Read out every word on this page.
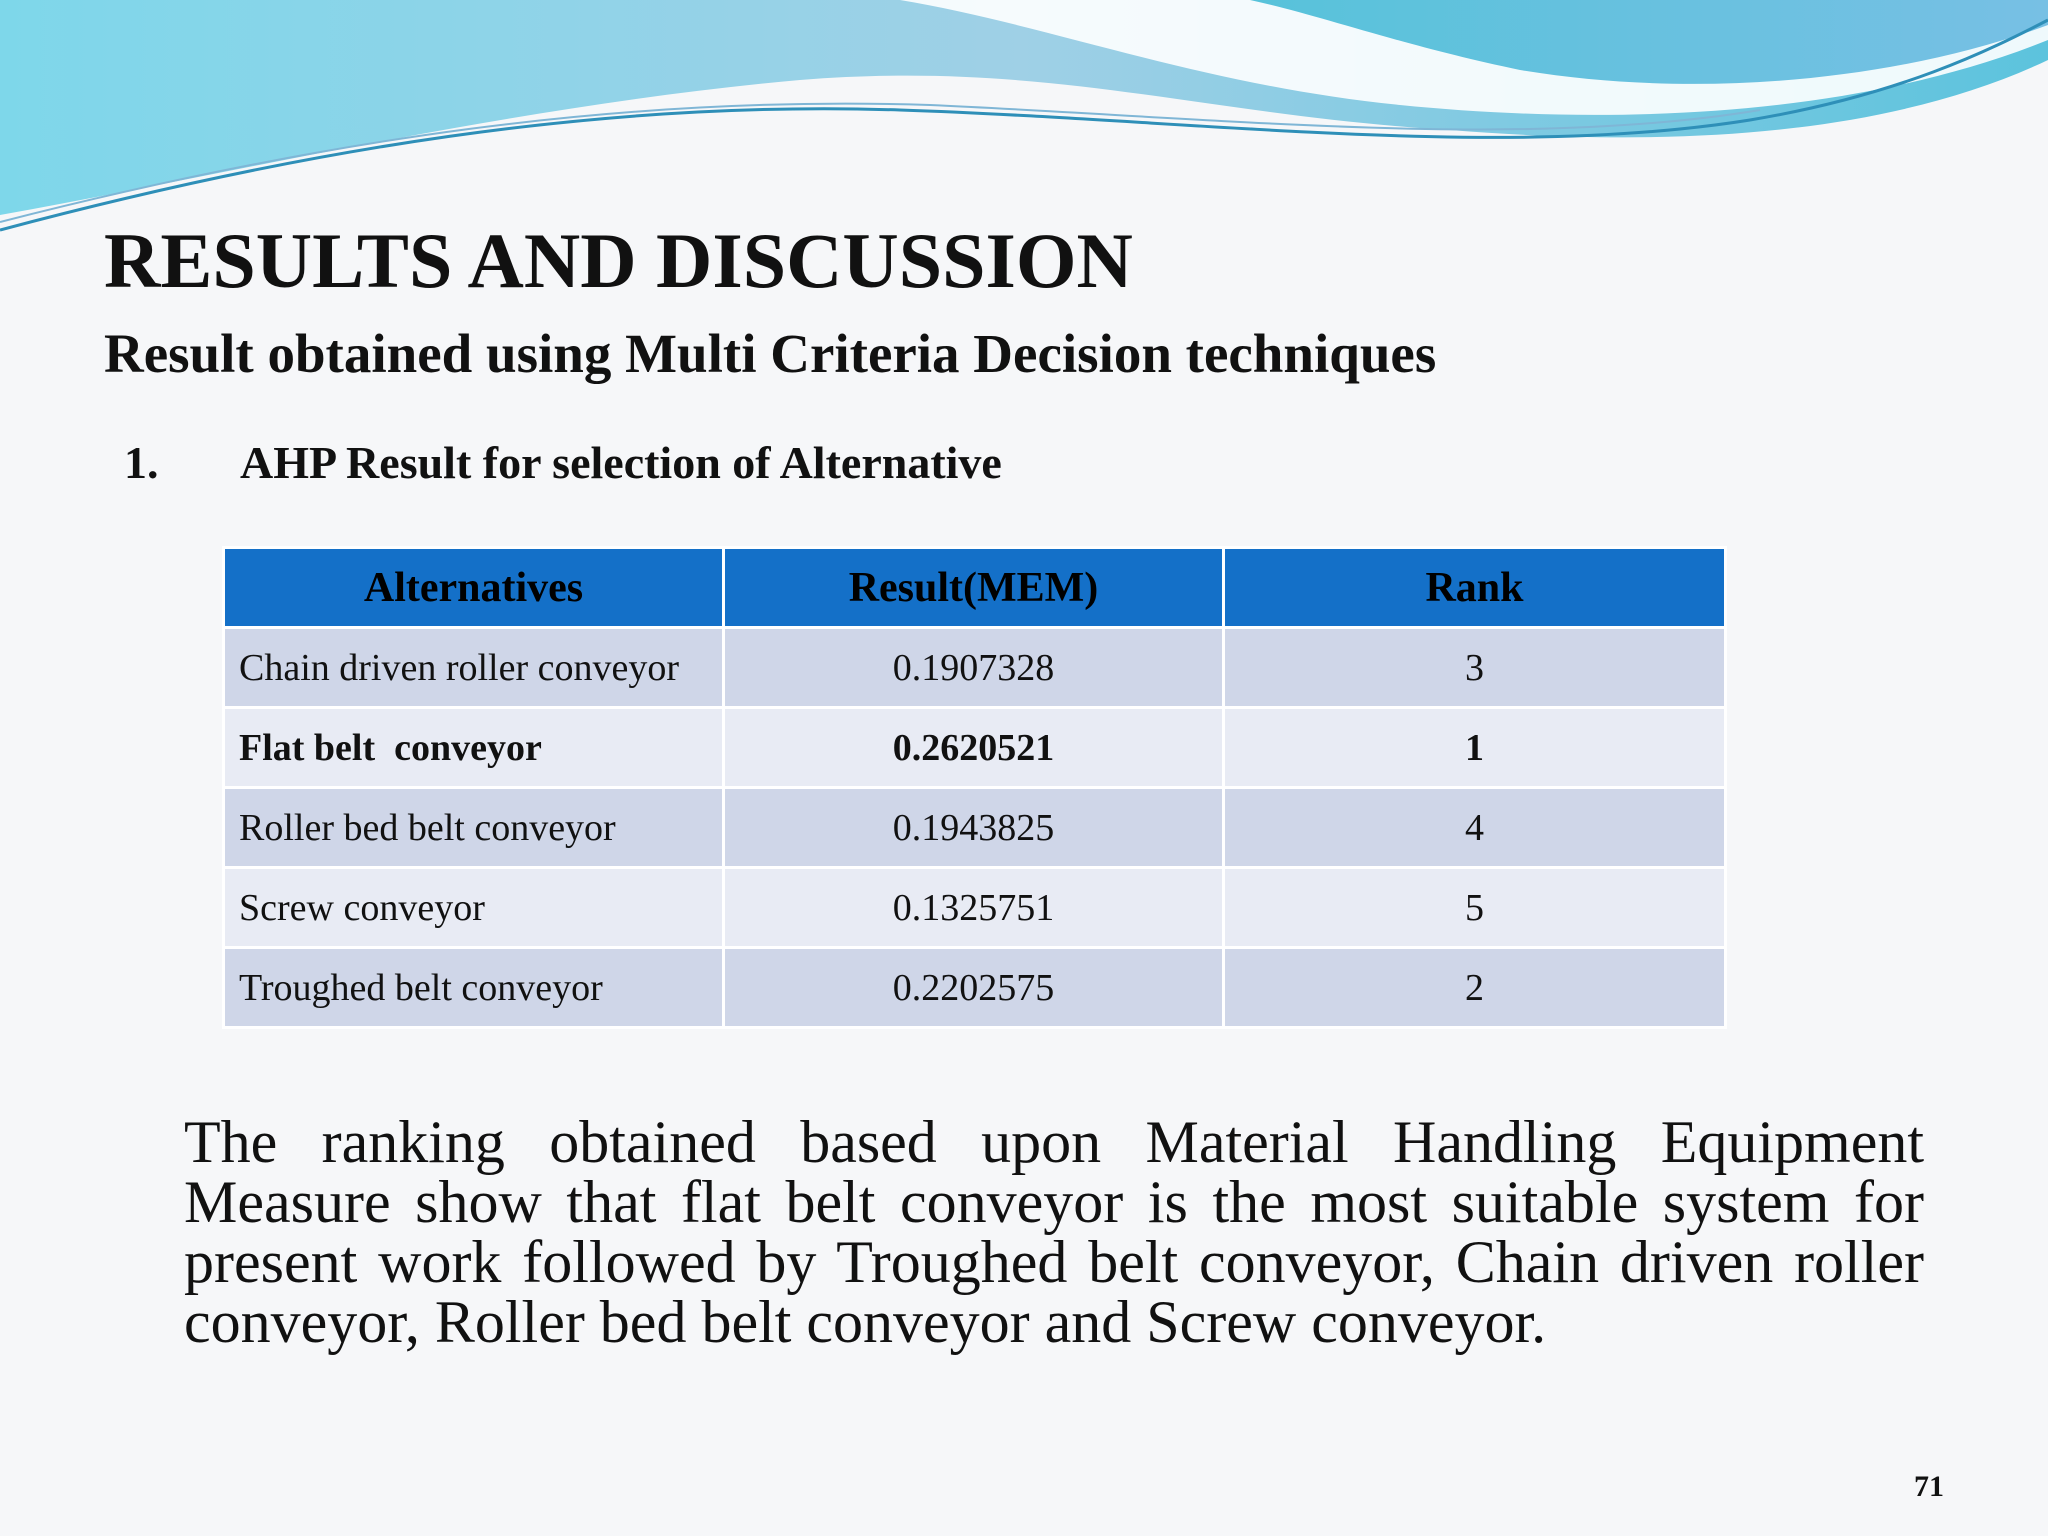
RESULTS AND DISCUSSION
Result obtained using Multi Criteria Decision techniques
1. AHP Result for selection of Alternative
Alternatives	Result(MEM)	Rank
Chain driven roller conveyor	0.1907328	3
Flat belt  conveyor	0.2620521	1
Roller bed belt conveyor	0.1943825	4
Screw conveyor	0.1325751	5
Troughed belt conveyor	0.2202575	2

The ranking obtained based upon Material Handling Equipment Measure show that flat belt conveyor is the most suitable system for present work followed by Troughed belt conveyor, Chain driven roller conveyor, Roller bed belt conveyor and Screw conveyor.

71
